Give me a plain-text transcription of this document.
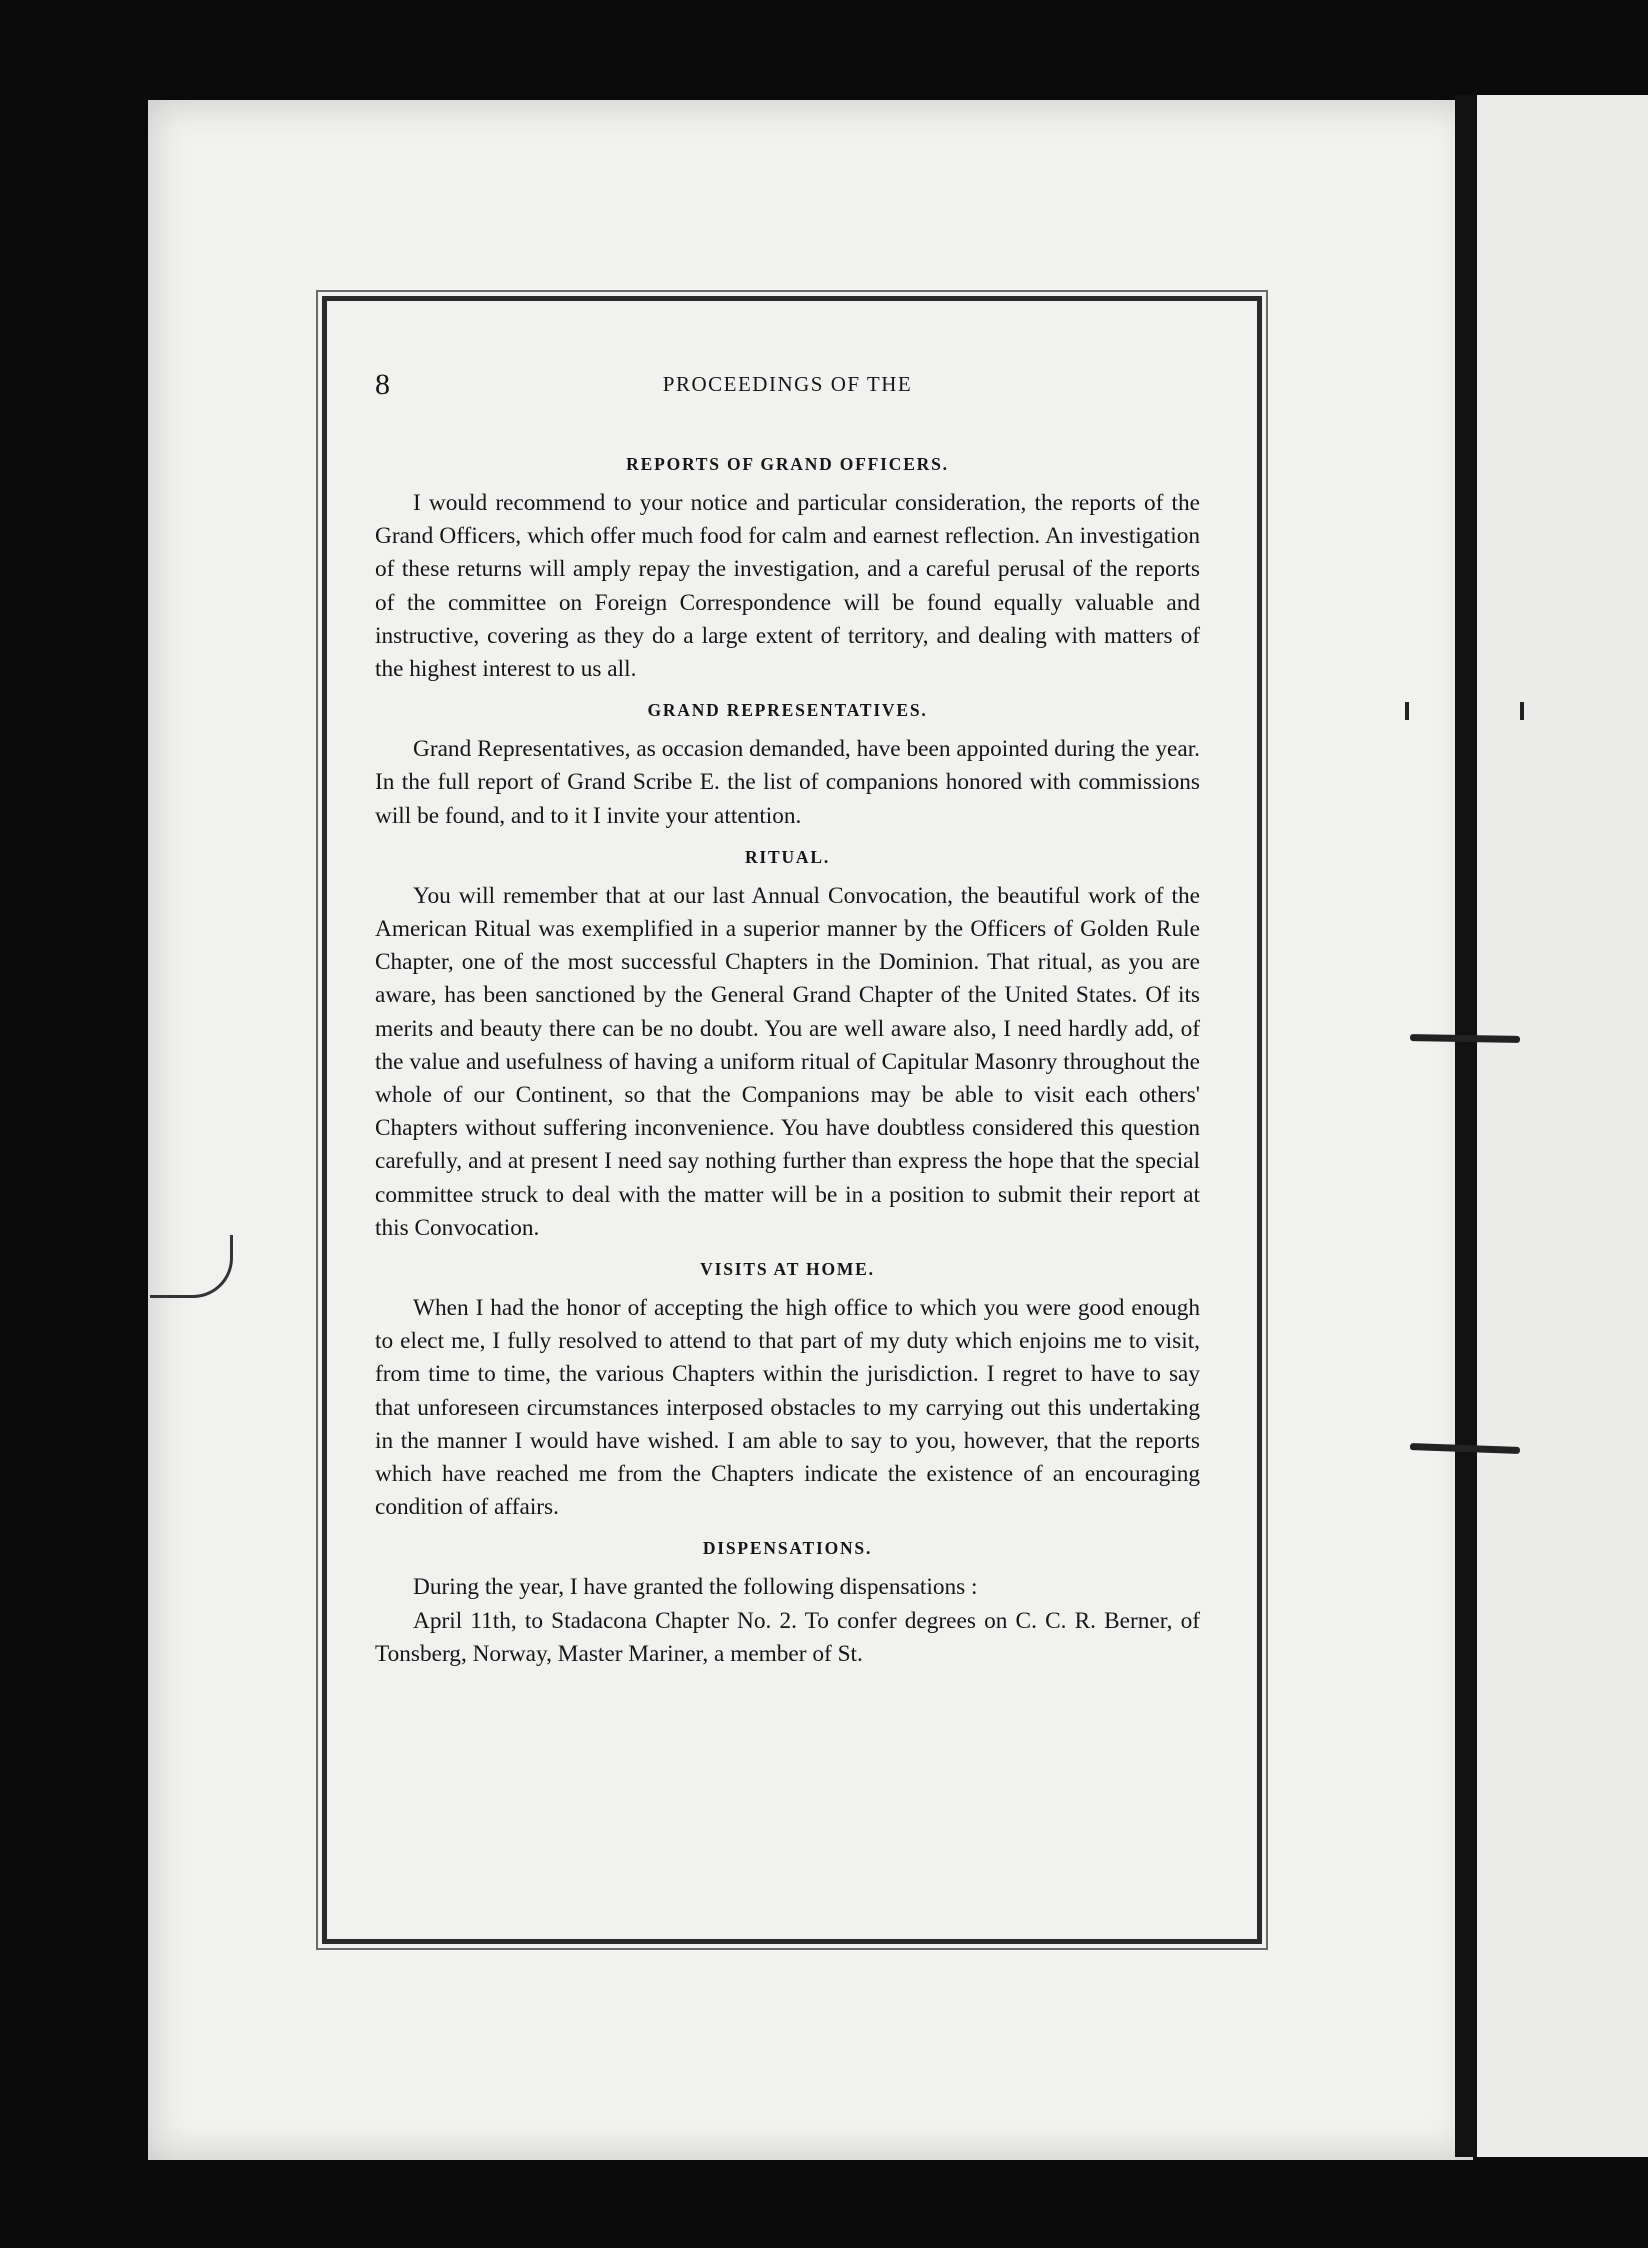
8	PROCEEDINGS OF THE
REPORTS OF GRAND OFFICERS.

I would recommend to your notice and particular consideration, the reports of the Grand Officers, which offer much food for calm and earnest reflection. An investigation of these returns will amply repay the investigation, and a careful perusal of the reports of the committee on Foreign Correspondence will be found equally valuable and instructive, covering as they do a large extent of territory, and dealing with matters of the highest interest to us all.

GRAND REPRESENTATIVES.

Grand Representatives, as occasion demanded, have been appointed during the year. In the full report of Grand Scribe E. the list of companions honored with commissions will be found, and to it I invite your attention.

RITUAL.

You will remember that at our last Annual Convocation, the beautiful work of the American Ritual was exemplified in a superior manner by the Officers of Golden Rule Chapter, one of the most successful Chapters in the Dominion. That ritual, as you are aware, has been sanctioned by the General Grand Chapter of the United States. Of its merits and beauty there can be no doubt. You are well aware also, I need hardly add, of the value and usefulness of having a uniform ritual of Capitular Masonry throughout the whole of our Continent, so that the Companions may be able to visit each others' Chapters without suffering inconvenience. You have doubtless considered this question carefully, and at present I need say nothing further than express the hope that the special committee struck to deal with the matter will be in a position to submit their report at this Convocation.

VISITS AT HOME.

When I had the honor of accepting the high office to which you were good enough to elect me, I fully resolved to attend to that part of my duty which enjoins me to visit, from time to time, the various Chapters within the jurisdiction. I regret to have to say that unforeseen circumstances interposed obstacles to my carrying out this undertaking in the manner I would have wished. I am able to say to you, however, that the reports which have reached me from the Chapters indicate the existence of an encouraging condition of affairs.

DISPENSATIONS.

During the year, I have granted the following dispensations :

April 11th, to Stadacona Chapter No. 2. To confer degrees on C. C. R. Berner, of Tonsberg, Norway, Master Mariner, a member of St.
